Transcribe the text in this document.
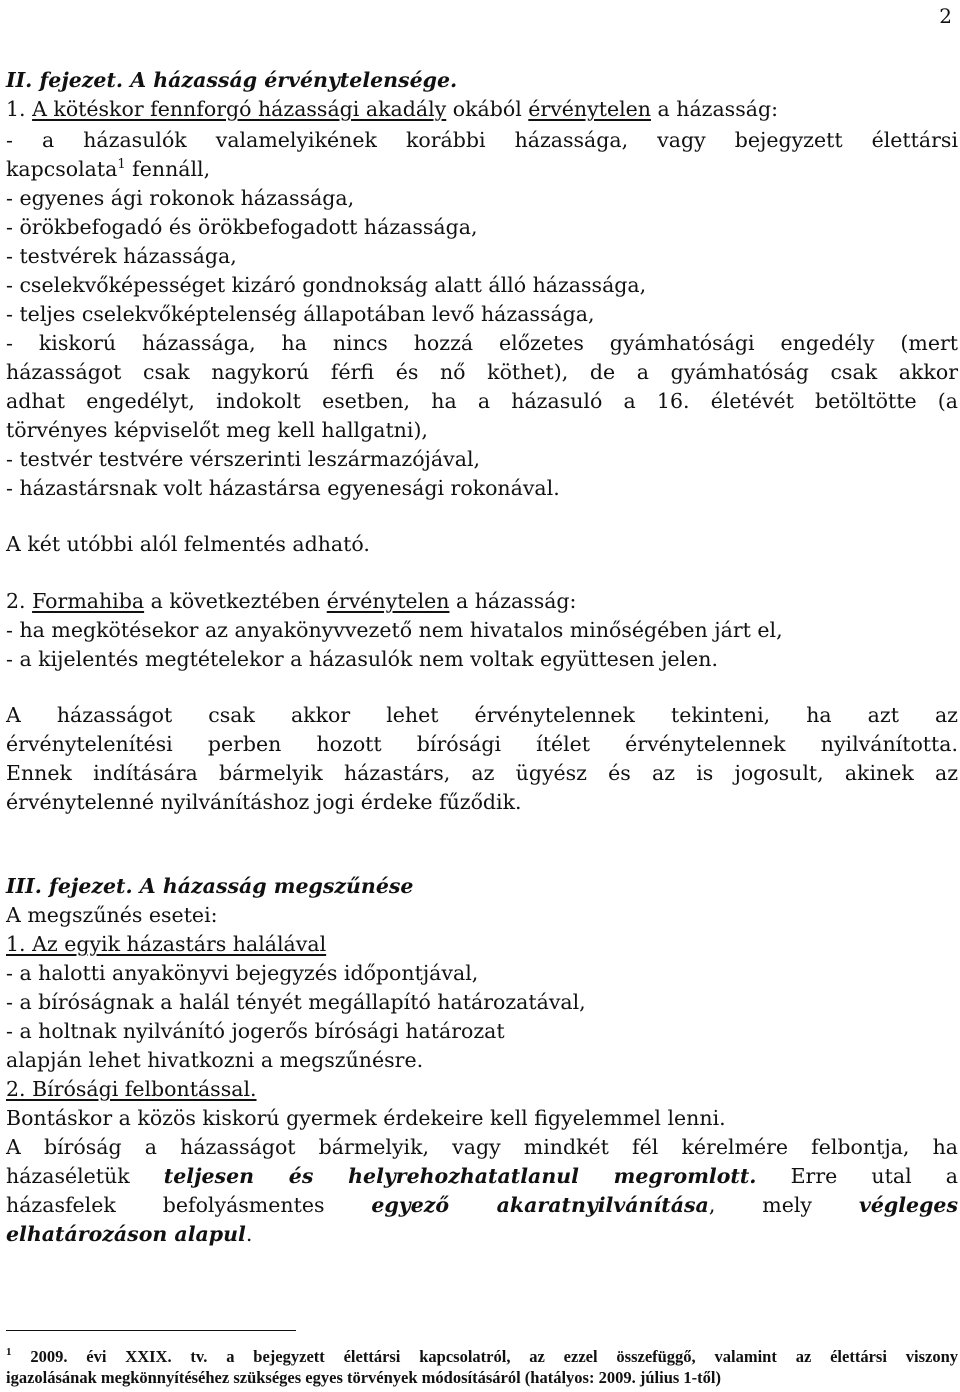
2
II. fejezet. A házasság érvénytelensége.
1. A kötéskor fennforgó házassági akadály okából érvénytelen a házasság:
- a házasulók valamelyikének korábbi házassága, vagy bejegyzett élettársi
kapcsolata$^1$ fennáll,
- egyenes ági rokonok házassága,
- örökbefogadó és örökbefogadott házassága,
- testvérek házassága,
- cselekvőképességet kizáró gondnokság alatt álló házassága,
- teljes cselekvőképtelenség állapotában levő házassága,
- kiskorú házassága, ha nincs hozzá előzetes gyámhatósági engedély (mert
házasságot csak nagykorú férfi és nő köthet), de a gyámhatóság csak akkor
adhat engedélyt, indokolt esetben, ha a házasuló a 16. életévét betöltötte (a
törvényes képviselőt meg kell hallgatni),
- testvér testvére vérszerinti leszármazójával,
- házastársnak volt házastársa egyenesági rokonával.
A két utóbbi alól felmentés adható.
2. Formahiba a következtében érvénytelen a házasság:
- ha megkötésekor az anyakönyvvezető nem hivatalos minőségében járt el,
- a kijelentés megtételekor a házasulók nem voltak együttesen jelen.
A házasságot csak akkor lehet érvénytelennek tekinteni, ha azt az
érvénytelenítési perben hozott bírósági ítélet érvénytelennek nyilvánította.
Ennek indítására bármelyik házastárs, az ügyész és az is jogosult, akinek az
érvénytelenné nyilvánításhoz jogi érdeke fűződik.
III. fejezet. A házasság megszűnése
A megszűnés esetei:
1. Az egyik házastárs halálával
- a halotti anyakönyvi bejegyzés időpontjával,
- a bíróságnak a halál tényét megállapító határozatával,
- a holtnak nyilvánító jogerős bírósági határozat
alapján lehet hivatkozni a megszűnésre.
2. Bírósági felbontással.
Bontáskor a közös kiskorú gyermek érdekeire kell figyelemmel lenni.
A bíróság a házasságot bármelyik, vagy mindkét fél kérelmére felbontja, ha
házaséletük teljesen és helyrehozhatatlanul megromlott. Erre utal a
házasfelek befolyásmentes egyező akaratnyilvánítása, mely végleges
elhatározáson alapul.
$^1$ 2009. évi XXIX. tv. a bejegyzett élettársi kapcsolatról, az ezzel összefüggő, valamint az élettársi viszony
igazolásának megkönnyítéséhez szükséges egyes törvények módosításáról (hatályos: 2009. július 1-től)
